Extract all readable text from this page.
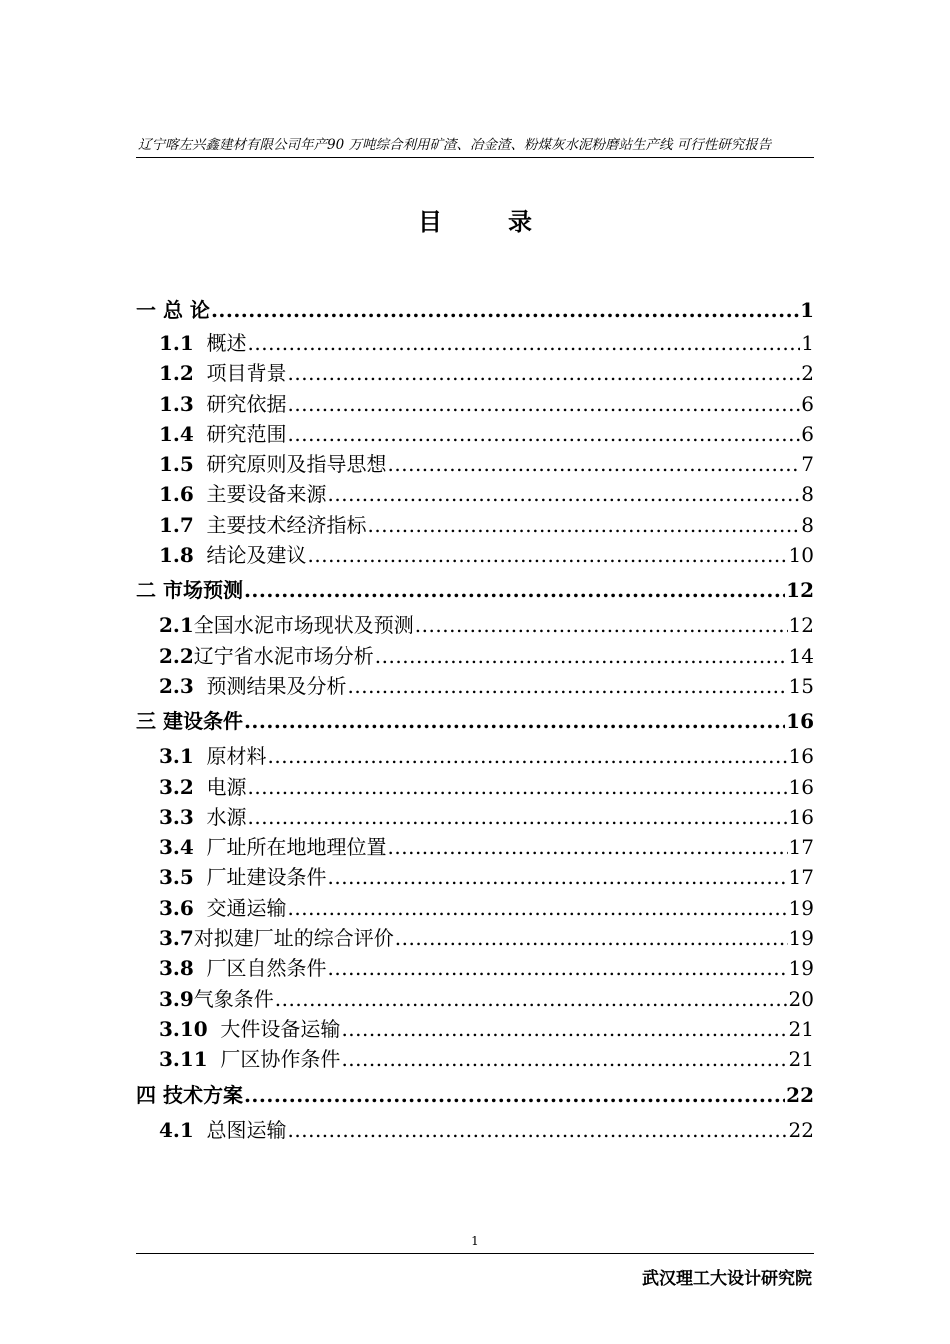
辽宁喀左兴鑫建材有限公司年产90 万吨综合利用矿渣、冶金渣、粉煤灰水泥粉磨站生产线 可行性研究报告
目录
一 总 论 .....	1
1.1  概述 .....	1
1.2  项目背景 .....	2
1.3  研究依据 .....	6
1.4  研究范围 .....	6
1.5  研究原则及指导思想 .....	7
1.6  主要设备来源 .....	8
1.7  主要技术经济指标 .....	8
1.8  结论及建议 .....	10
二 市场预测 .....	12
2.1全国水泥市场现状及预测 .....	12
2.2辽宁省水泥市场分析 .....	14
2.3  预测结果及分析 .....	15
三 建设条件 .....	16
3.1  原材料 .....	16
3.2  电源 .....	16
3.3  水源 .....	16
3.4  厂址所在地地理位置 .....	17
3.5  厂址建设条件 .....	17
3.6  交通运输 .....	19
3.7对拟建厂址的综合评价 .....	19
3.8  厂区自然条件 .....	19
3.9气象条件 .....	20
3.10  大件设备运输 .....	21
3.11  厂区协作条件 .....	21
四 技术方案 .....	22
4.1  总图运输 .....	22
1
武汉理工大设计研究院
